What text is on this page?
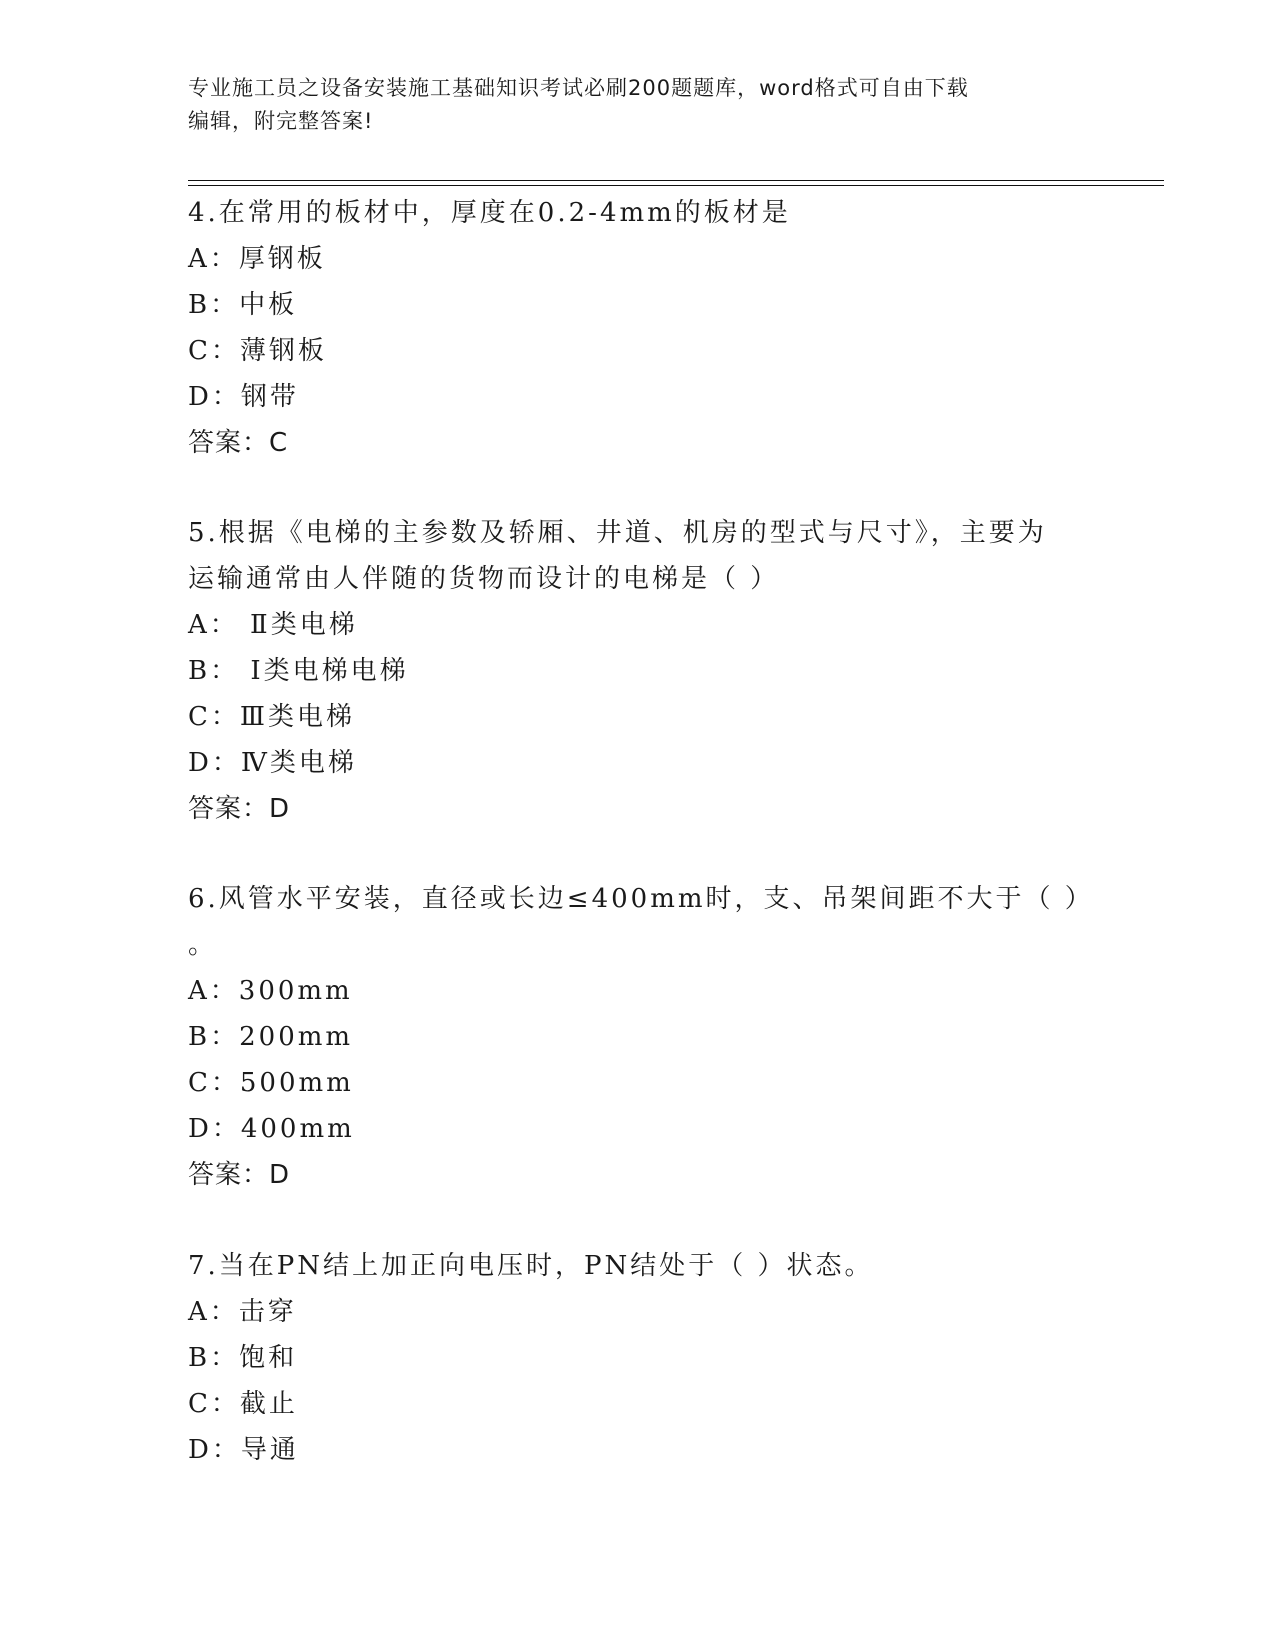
专业施工员之设备安装施工基础知识考试必刷200题题库，word格式可自由下载
编辑，附完整答案!
4.在常用的板材中，厚度在0.2-4mm的板材是
A：厚钢板
B：中板
C：薄钢板
D：钢带
答案：C
5.根据《电梯的主参数及轿厢、井道、机房的型式与尺寸》，主要为
运输通常由人伴随的货物而设计的电梯是（ ）
A： Ⅱ类电梯
B： Ⅰ类电梯电梯
C：Ⅲ类电梯
D：Ⅳ类电梯
答案：D
6.风管水平安装，直径或长边≤400mm时，支、吊架间距不大于（ ）
。
A：300mm
B：200mm
C：500mm
D：400mm
答案：D
7.当在PN结上加正向电压时，PN结处于（ ）状态。
A：击穿
B：饱和
C：截止
D：导通
